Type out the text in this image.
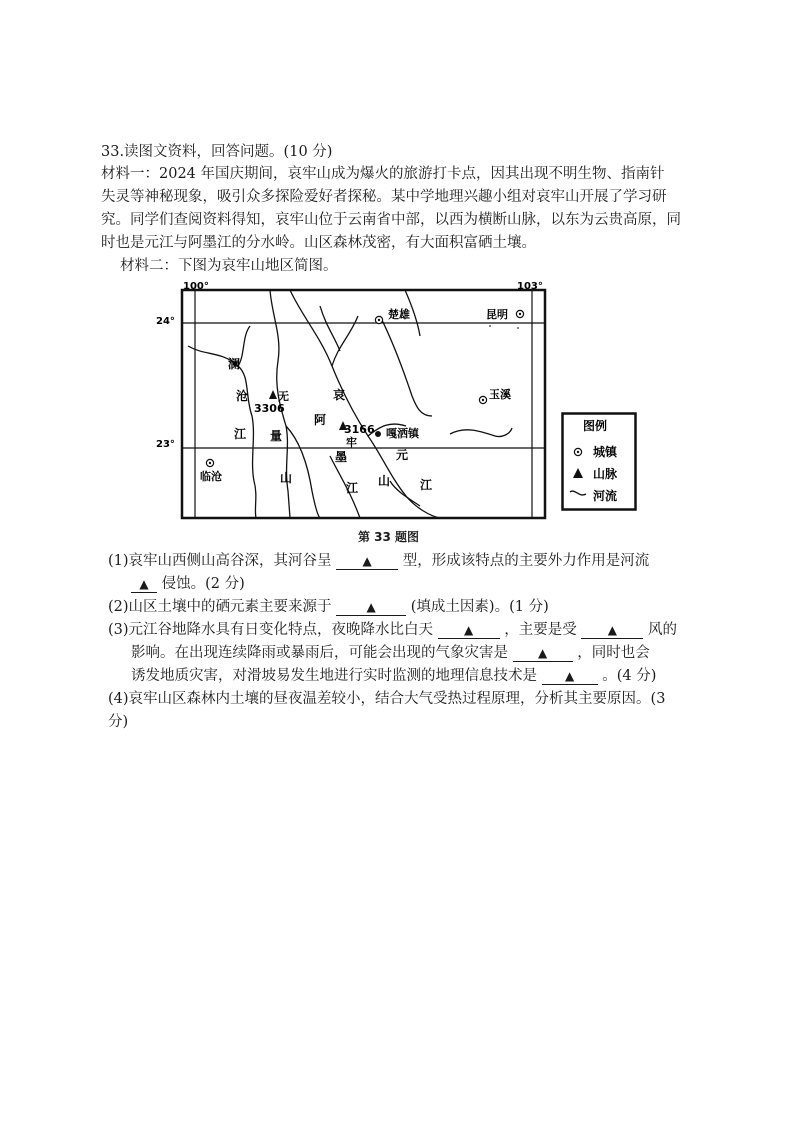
33.读图文资料，回答问题。(10 分)
材料一：2024 年国庆期间，哀牢山成为爆火的旅游打卡点，因其出现不明生物、指南针
失灵等神秘现象，吸引众多探险爱好者探秘。某中学地理兴趣小组对哀牢山开展了学习研
究。同学们查阅资料得知，哀牢山位于云南省中部，以西为横断山脉，以东为云贵高原，同
时也是元江与阿墨江的分水岭。山区森林茂密，有大面积富硒土壤。
材料二：下图为哀牢山地区简图。
100°	103°
24°
23°
楚雄	昆明
玉溪
嘎洒镇
临沧
无
3306
3166
牢
澜
沧
江 量
山
哀
山
阿
墨
江
元
江
图例
城镇
山脉
河流
第 33 题图
(1)哀牢山西侧山高谷深，其河谷呈	▲ 型，形成该特点的主要外力作用是河流
▲ 侵蚀。(2 分)
(2)山区土壤中的硒元素主要来源于	▲ (填成土因素)。(1 分)
(3)元江谷地降水具有日变化特点，夜晚降水比白天	▲ ，主要是受	▲ 风的
影响。在出现连续降雨或暴雨后，可能会出现的气象灾害是 ▲ ，同时也会
诱发地质灾害，对滑坡易发生地进行实时监测的地理信息技术是 ▲ 。(4 分)
(4)哀牢山区森林内土壤的昼夜温差较小，结合大气受热过程原理，分析其主要原因。(3
分)
